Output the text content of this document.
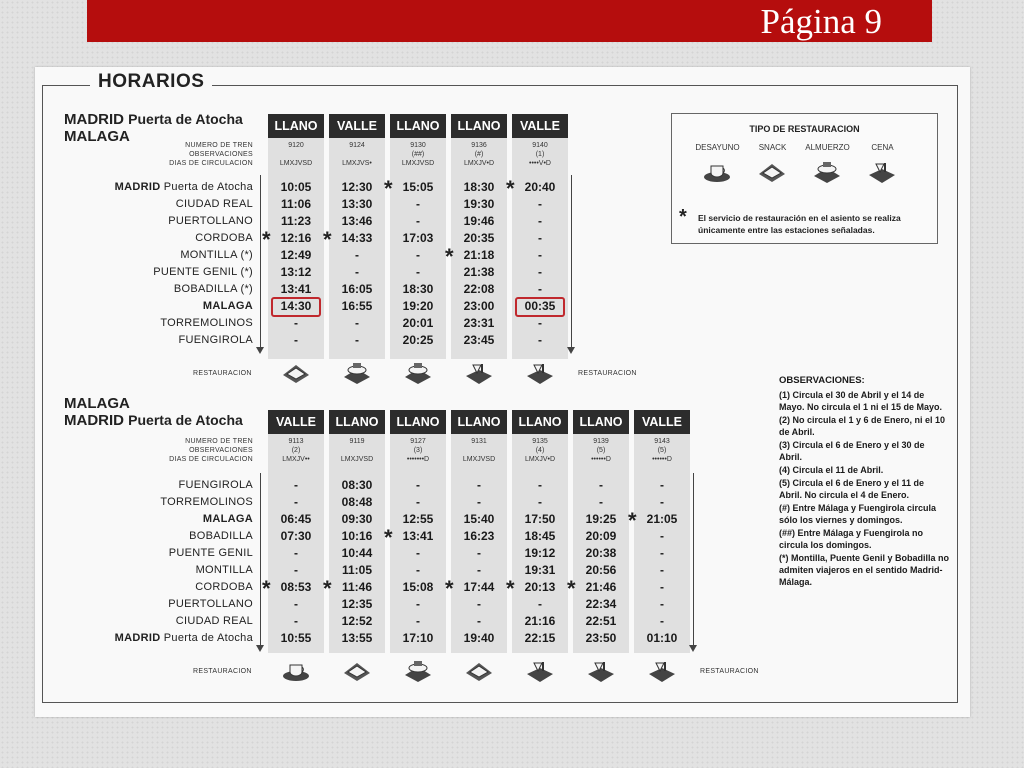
Página 9
HORARIOS
MADRID Puerta de Atocha
MALAGA
MALAGA
MADRID Puerta de Atocha
TIPO DE RESTAURACION
* El servicio de restauración en el asiento se realiza únicamente entre las estaciones señaladas.
DESAYUNO	SNACK	ALMUERZO	CENA
OBSERVACIONES:
(1) Circula el 30 de Abril y el 14 de Mayo. No circula el 1 ni el 15 de Mayo.
(2) No circula el 1 y 6 de Enero, ni el 10 de Abril.
(3) Circula el 6 de Enero y el 30 de Abril.
(4) Circula el 11 de Abril.
(5) Circula el 6 de Enero y el 11 de Abril. No circula el 4 de Enero.
(#) Entre Málaga y Fuengirola circula sólo los viernes y domingos.
(##) Entre Málaga y Fuengirola no circula los domingos.
(*) Montilla, Puente Genil y Bobadilla no admiten viajeros en el sentido Madrid-Málaga.
LLANO
9120
LMXJVSD
VALLE
9124
LMXJVS•
LLANO
9130
(##)
LMXJVSD
LLANO
9136
(#)
LMXJV•D
VALLE
9140
(1)
••••V•D
NUMERO DE TREN
OBSERVACIONES
DIAS DE CIRCULACION
MADRID Puerta de Atocha	10:05	12:30	15:05	18:30	20:40
CIUDAD REAL	11:06	13:30	-	19:30	-
PUERTOLLANO	11:23	13:46	-	19:46	-
CORDOBA	12:16	14:33	17:03	20:35	-
MONTILLA (*)	12:49	-	-	21:18	-
PUENTE GENIL (*)	13:12	-	-	21:38	-
BOBADILLA (*)	13:41	16:05	18:30	22:08	-
MALAGA	14:30	16:55	19:20	23:00	00:35
TORREMOLINOS	-	-	20:01	23:31	-
FUENGIROLA	-	-	20:25	23:45	-
*	*
* *
*
RESTAURACION	RESTAURACION
VALLE
9113
(2)
LMXJV••
LLANO
9119
LMXJVSD
LLANO
9127
(3)
•••••••D
LLANO
9131
LMXJVSD
LLANO
9135
(4)
LMXJV•D
LLANO
9139
(5)
••••••D
VALLE
9143
(5)
••••••D
NUMERO DE TREN
OBSERVACIONES
DIAS DE CIRCULACION
FUENGIROLA	-	08:30	-	-	-	-	-
TORREMOLINOS	-	08:48	-	-	-	-	-
MALAGA	06:45	09:30	12:55	15:40	17:50	19:25	21:05
BOBADILLA	07:30	10:16	13:41	16:23	18:45	20:09	-
PUENTE GENIL	-	10:44	-	-	19:12	20:38	-
MONTILLA	-	11:05	-	-	19:31	20:56	-
CORDOBA	08:53	11:46	15:08	17:44	20:13	21:46	-
PUERTOLLANO	-	12:35	-	-	-	22:34	-
CIUDAD REAL	-	12:52	-	-	21:16	22:51	-
MADRID Puerta de Atocha	10:55	13:55	17:10	19:40	22:15	23:50	01:10
*
*
* *	* * *
RESTAURACION	RESTAURACION
